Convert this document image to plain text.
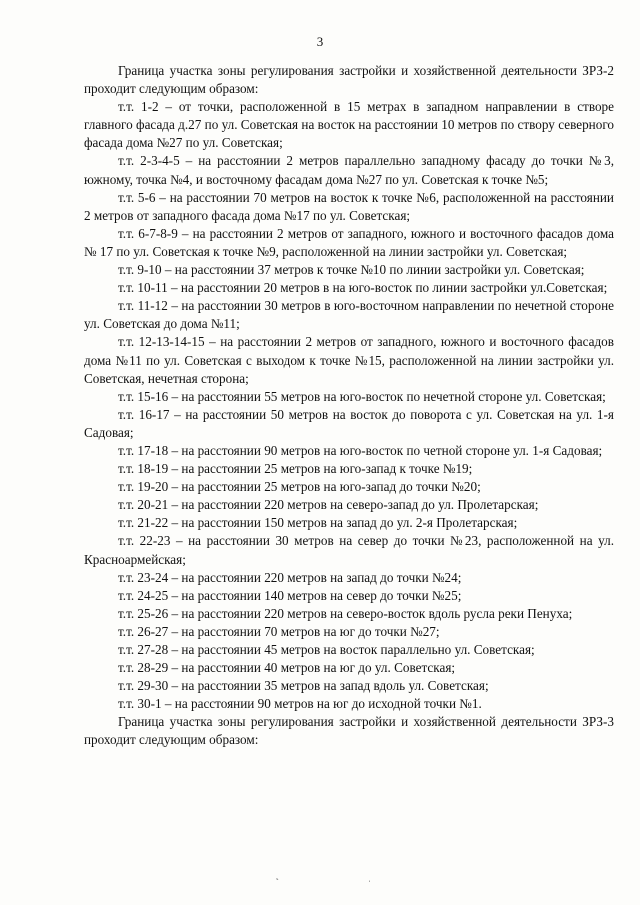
3

Граница участка зоны регулирования застройки и хозяйственной деятельности ЗРЗ-2 проходит следующим образом:

т.т. 1-2 – от точки, расположенной в 15 метрах в западном направлении в створе главного фасада д.27 по ул. Советская на восток на расстоянии 10 метров по створу северного фасада дома №27 по ул. Советская;

т.т. 2-3-4-5 – на расстоянии 2 метров параллельно западному фасаду до точки №3, южному, точка №4, и восточному фасадам дома №27 по ул. Советская к точке №5;

т.т. 5-6 – на расстоянии 70 метров на восток к точке №6, расположенной на расстоянии 2 метров от западного фасада дома №17 по ул. Советская;

т.т. 6-7-8-9 – на расстоянии 2 метров от западного, южного и восточного фасадов дома № 17 по ул. Советская к точке №9, расположенной на линии застройки ул. Советская;

т.т. 9-10 – на расстоянии 37 метров к точке №10 по линии застройки ул. Советская;

т.т. 10-11 – на расстоянии 20 метров в на юго-восток по линии застройки ул.Советская;

т.т. 11-12 – на расстоянии 30 метров в юго-восточном направлении по нечетной стороне ул. Советская до дома №11;

т.т. 12-13-14-15 – на расстоянии 2 метров от западного, южного и восточного фасадов дома №11 по ул. Советская с выходом к точке №15, расположенной на линии застройки ул. Советская, нечетная сторона;

т.т. 15-16 – на расстоянии 55 метров на юго-восток по нечетной стороне ул. Советская;

т.т. 16-17 – на расстоянии 50 метров на восток до поворота с ул. Советская на ул. 1-я Садовая;

т.т. 17-18 – на расстоянии 90 метров на юго-восток по четной стороне ул. 1-я Садовая;

т.т. 18-19 – на расстоянии 25 метров на юго-запад к точке №19;

т.т. 19-20 – на расстоянии 25 метров на юго-запад до точки №20;

т.т. 20-21 – на расстоянии 220 метров на северо-запад до ул. Пролетарская;

т.т. 21-22 – на расстоянии 150 метров на запад до ул. 2-я Пролетарская;

т.т. 22-23 – на расстоянии 30 метров на север до точки №23, расположенной на ул. Красноармейская;

т.т. 23-24 – на расстоянии 220 метров на запад до точки №24;

т.т. 24-25 – на расстоянии 140 метров на север до точки №25;

т.т. 25-26 – на расстоянии 220 метров на северо-восток вдоль русла реки Пенуха;

т.т. 26-27 – на расстоянии 70 метров на юг до точки №27;

т.т. 27-28 – на расстоянии 45 метров на восток параллельно ул. Советская;

т.т. 28-29 – на расстоянии 40 метров на юг до ул. Советская;

т.т. 29-30 – на расстоянии 35 метров на запад вдоль ул. Советская;

т.т. 30-1 – на расстоянии 90 метров на юг до исходной точки №1.

Граница участка зоны регулирования застройки и хозяйственной деятельности ЗРЗ-3 проходит следующим образом:

˛	ˌ
